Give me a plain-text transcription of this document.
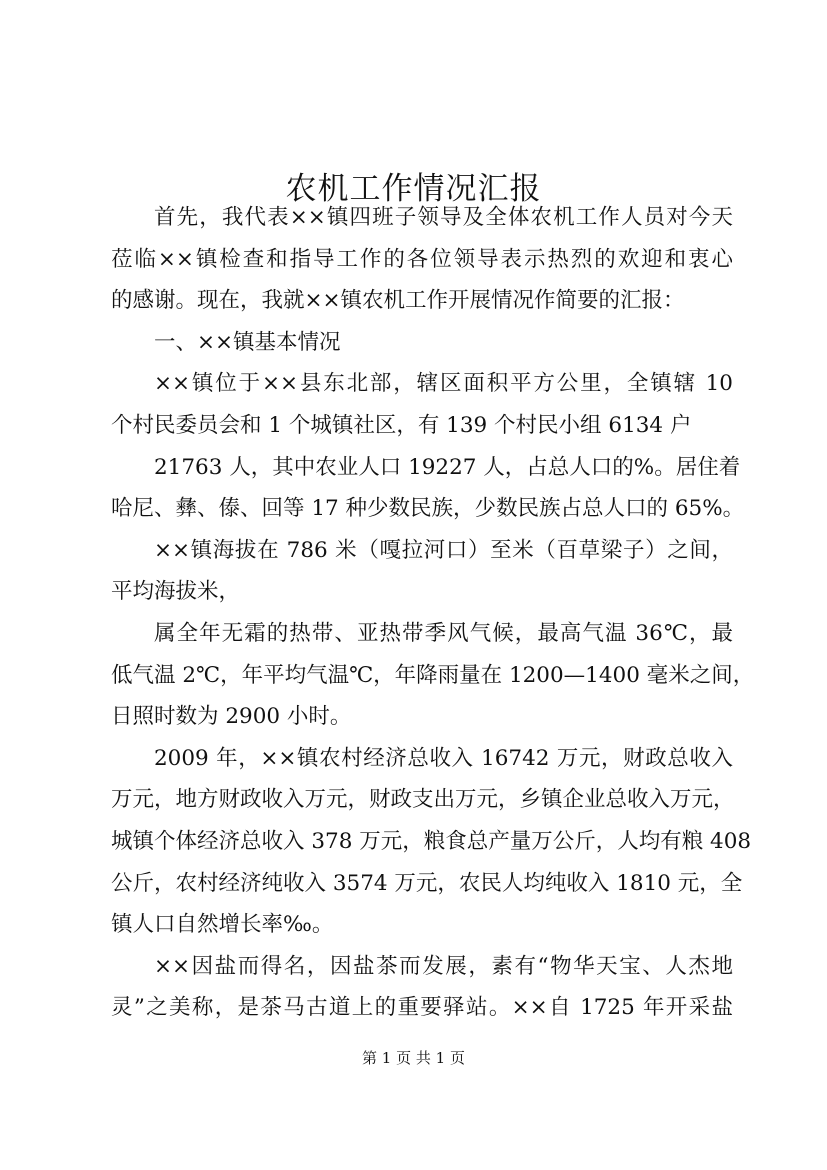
农机工作情况汇报
首先，我代表××镇四班子领导及全体农机工作人员对今天
莅临××镇检查和指导工作的各位领导表示热烈的欢迎和衷心
的感谢。现在，我就××镇农机工作开展情况作简要的汇报：
一、××镇基本情况
××镇位于××县东北部，辖区面积平方公里，全镇辖 10
个村民委员会和 1 个城镇社区，有 139 个村民小组 6134 户
21763 人，其中农业人口 19227 人，占总人口的%。居住着
哈尼、彝、傣、回等 17 种少数民族，少数民族占总人口的 65%。
××镇海拔在 786 米（嘎拉河口）至米（百草梁子）之间，
平均海拔米，
属全年无霜的热带、亚热带季风气候，最高气温 36℃，最
低气温 2℃，年平均气温℃，年降雨量在 1200—1400 毫米之间，
日照时数为 2900 小时。
2009 年，××镇农村经济总收入 16742 万元，财政总收入
万元，地方财政收入万元，财政支出万元，乡镇企业总收入万元，
城镇个体经济总收入 378 万元，粮食总产量万公斤，人均有粮 408
公斤，农村经济纯收入 3574 万元，农民人均纯收入 1810 元，全
镇人口自然增长率‰。
××因盐而得名，因盐茶而发展，素有“物华天宝、人杰地
灵”之美称，是茶马古道上的重要驿站。××自 1725 年开采盐
第 1 页 共 1 页
